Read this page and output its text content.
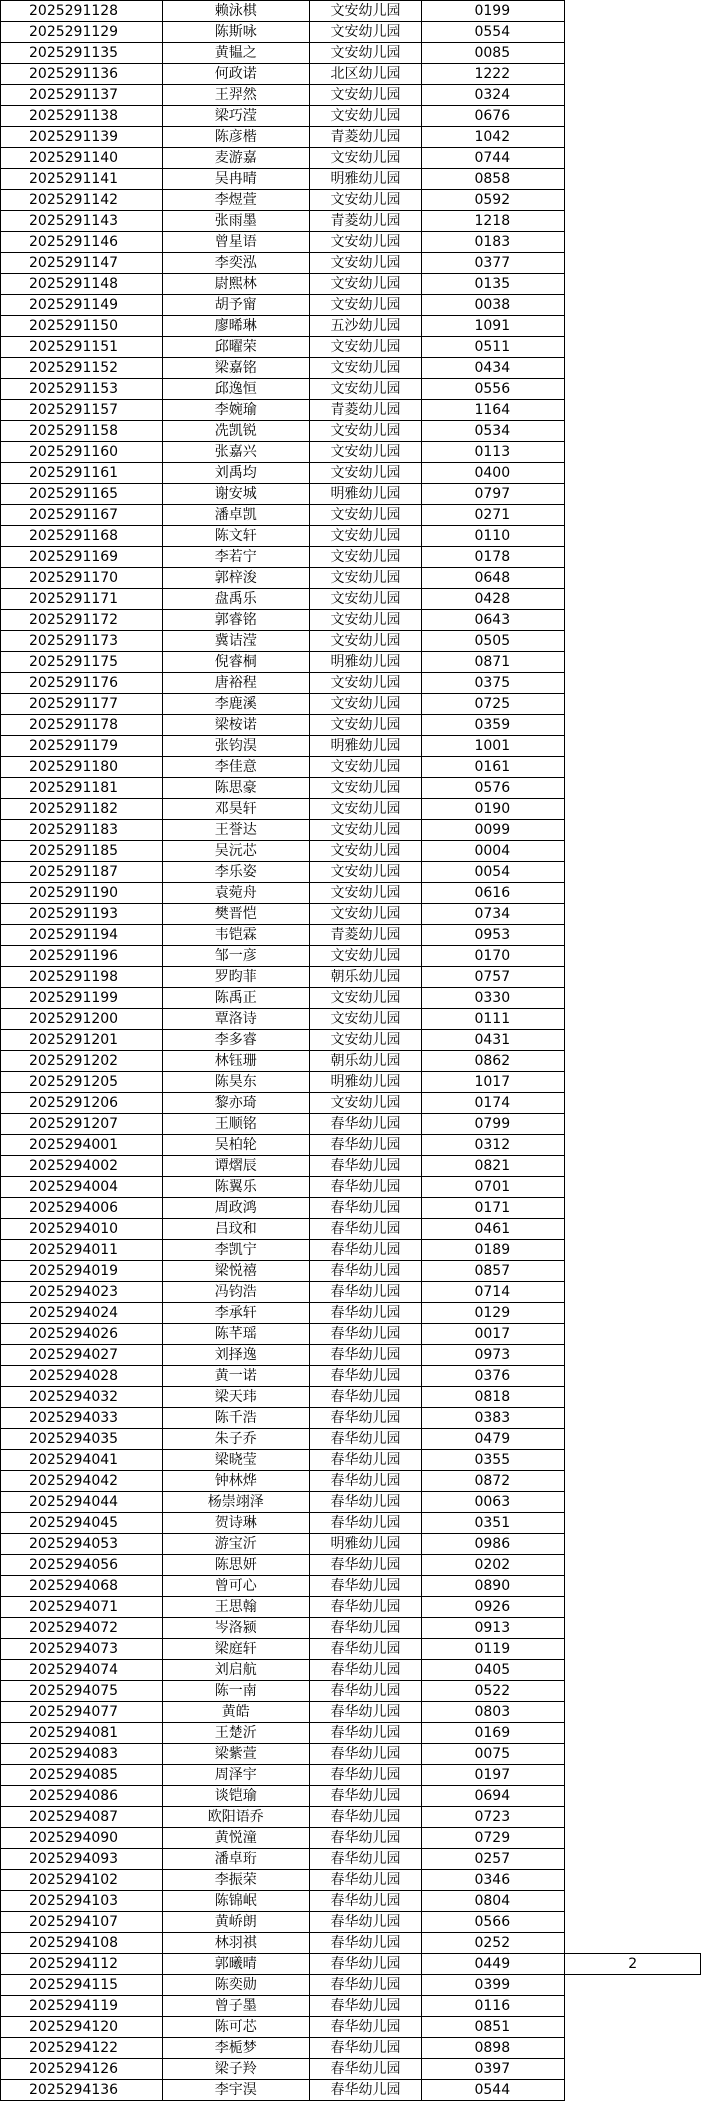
2025291128	赖泳棋	文安幼儿园	0199	
2025291129	陈斯咏	文安幼儿园	0554	
2025291135	黄韫之	文安幼儿园	0085	
2025291136	何政诺	北区幼儿园	1222	
2025291137	王羿然	文安幼儿园	0324	
2025291138	梁巧滢	文安幼儿园	0676	
2025291139	陈彦楷	青菱幼儿园	1042	
2025291140	麦游嘉	文安幼儿园	0744	
2025291141	吴冉晴	明雅幼儿园	0858	
2025291142	李煜萱	文安幼儿园	0592	
2025291143	张雨墨	青菱幼儿园	1218	
2025291146	曾星语	文安幼儿园	0183	
2025291147	李奕泓	文安幼儿园	0377	
2025291148	尉熙林	文安幼儿园	0135	
2025291149	胡予甯	文安幼儿园	0038	
2025291150	廖晞琳	五沙幼儿园	1091	
2025291151	邱曜荣	文安幼儿园	0511	
2025291152	梁嘉铭	文安幼儿园	0434	
2025291153	邱逸恒	文安幼儿园	0556	
2025291157	李婉瑜	青菱幼儿园	1164	
2025291158	冼凯锐	文安幼儿园	0534	
2025291160	张嘉兴	文安幼儿园	0113	
2025291161	刘禹均	文安幼儿园	0400	
2025291165	谢安城	明雅幼儿园	0797	
2025291167	潘卓凯	文安幼儿园	0271	
2025291168	陈文轩	文安幼儿园	0110	
2025291169	李若宁	文安幼儿园	0178	
2025291170	郭梓浚	文安幼儿园	0648	
2025291171	盘禹乐	文安幼儿园	0428	
2025291172	郭睿铭	文安幼儿园	0643	
2025291173	冀诘滢	文安幼儿园	0505	
2025291175	倪睿桐	明雅幼儿园	0871	
2025291176	唐裕程	文安幼儿园	0375	
2025291177	李鹿溪	文安幼儿园	0725	
2025291178	梁桉诺	文安幼儿园	0359	
2025291179	张钧淏	明雅幼儿园	1001	
2025291180	李佳意	文安幼儿园	0161	
2025291181	陈思豪	文安幼儿园	0576	
2025291182	邓昊轩	文安幼儿园	0190	
2025291183	王誉达	文安幼儿园	0099	
2025291185	吴沅芯	文安幼儿园	0004	
2025291187	李乐姿	文安幼儿园	0054	
2025291190	袁菀舟	文安幼儿园	0616	
2025291193	樊晋恺	文安幼儿园	0734	
2025291194	韦铠霖	青菱幼儿园	0953	
2025291196	邹一彦	文安幼儿园	0170	
2025291198	罗昀菲	朝乐幼儿园	0757	
2025291199	陈禹正	文安幼儿园	0330	
2025291200	覃洛诗	文安幼儿园	0111	
2025291201	李多睿	文安幼儿园	0431	
2025291202	林钰珊	朝乐幼儿园	0862	
2025291205	陈昊东	明雅幼儿园	1017	
2025291206	黎亦琦	文安幼儿园	0174	
2025291207	王顺铭	春华幼儿园	0799	
2025294001	吴柏轮	春华幼儿园	0312	
2025294002	谭熠辰	春华幼儿园	0821	
2025294004	陈翼乐	春华幼儿园	0701	
2025294006	周政鸿	春华幼儿园	0171	
2025294010	吕玟和	春华幼儿园	0461	
2025294011	李凯宁	春华幼儿园	0189	
2025294019	梁悦禧	春华幼儿园	0857	
2025294023	冯钧浩	春华幼儿园	0714	
2025294024	李承轩	春华幼儿园	0129	
2025294026	陈芊瑶	春华幼儿园	0017	
2025294027	刘择逸	春华幼儿园	0973	
2025294028	黄一诺	春华幼儿园	0376	
2025294032	梁天玮	春华幼儿园	0818	
2025294033	陈千浩	春华幼儿园	0383	
2025294035	朱子乔	春华幼儿园	0479	
2025294041	梁晓莹	春华幼儿园	0355	
2025294042	钟林烨	春华幼儿园	0872	
2025294044	杨崇翊泽	春华幼儿园	0063	
2025294045	贺诗琳	春华幼儿园	0351	
2025294053	游宝沂	明雅幼儿园	0986	
2025294056	陈思妍	春华幼儿园	0202	
2025294068	曾可心	春华幼儿园	0890	
2025294071	王思翰	春华幼儿园	0926	
2025294072	岑洛颍	春华幼儿园	0913	
2025294073	梁庭轩	春华幼儿园	0119	
2025294074	刘启航	春华幼儿园	0405	
2025294075	陈一南	春华幼儿园	0522	
2025294077	黄皓	春华幼儿园	0803	
2025294081	王楚沂	春华幼儿园	0169	
2025294083	梁紫萱	春华幼儿园	0075	
2025294085	周泽宇	春华幼儿园	0197	
2025294086	谈铠瑜	春华幼儿园	0694	
2025294087	欧阳语乔	春华幼儿园	0723	
2025294090	黄悦潼	春华幼儿园	0729	
2025294093	潘卓珩	春华幼儿园	0257	
2025294102	李振荣	春华幼儿园	0346	
2025294103	陈锦岷	春华幼儿园	0804	
2025294107	黄峤朗	春华幼儿园	0566	
2025294108	林羽祺	春华幼儿园	0252	
2025294112	郭曦晴	春华幼儿园	0449	2
2025294115	陈奕勋	春华幼儿园	0399	
2025294119	曾子墨	春华幼儿园	0116	
2025294120	陈可芯	春华幼儿园	0851	
2025294122	李栀梦	春华幼儿园	0898	
2025294126	梁子羚	春华幼儿园	0397	
2025294136	李宇淏	春华幼儿园	0544	
